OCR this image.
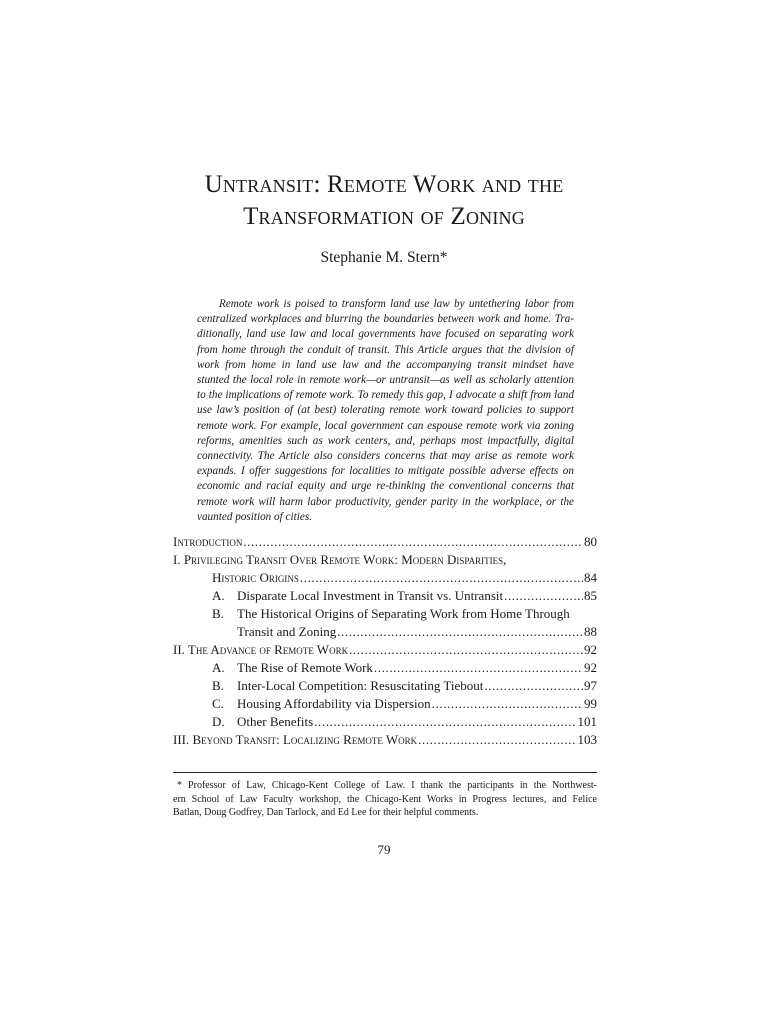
Untransit: Remote Work and the
Transformation of Zoning
Stephanie M. Stern*
Remote work is poised to transform land use law by untethering labor from
centralized workplaces and blurring the boundaries between work and home. Tra-
ditionally, land use law and local governments have focused on separating work
from home through the conduit of transit. This Article argues that the division of
work from home in land use law and the accompanying transit mindset have
stunted the local role in remote work—or untransit—as well as scholarly attention
to the implications of remote work. To remedy this gap, I advocate a shift from land
use law’s position of (at best) tolerating remote work toward policies to support
remote work. For example, local government can espouse remote work via zoning
reforms, amenities such as work centers, and, perhaps most impactfully, digital
connectivity. The Article also considers concerns that may arise as remote work
expands. I offer suggestions for localities to mitigate possible adverse effects on
economic and racial equity and urge re-thinking the conventional concerns that
remote work will harm labor productivity, gender parity in the workplace, or the
vaunted position of cities.
Introduction .....	80
I. Privileging Transit Over Remote Work: Modern Disparities,
Historic Origins .....	84
A. Disparate Local Investment in Transit vs. Untransit .....	85
B. The Historical Origins of Separating Work from Home Through
Transit and Zoning .....	88
II. The Advance of Remote Work .....	92
A. The Rise of Remote Work .....	92
B. Inter-Local Competition: Resuscitating Tiebout .....	97
C. Housing Affordability via Dispersion .....	99
D. Other Benefits .....	101
III. Beyond Transit: Localizing Remote Work .....	103
* Professor of Law, Chicago-Kent College of Law. I thank the participants in the Northwest-
ern School of Law Faculty workshop, the Chicago-Kent Works in Progress lectures, and Felice
Batlan, Doug Godfrey, Dan Tarlock, and Ed Lee for their helpful comments.
79
